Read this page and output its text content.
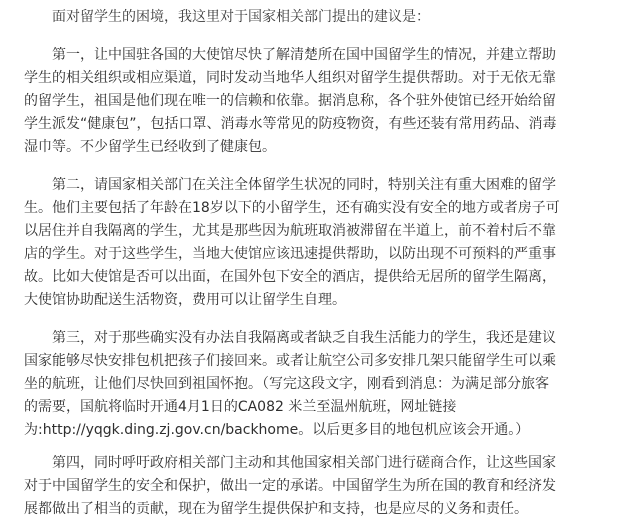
面对留学生的困境，我这里对于国家相关部门提出的建议是：
第一，让中国驻各国的大使馆尽快了解清楚所在国中国留学生的情况，并建立帮助
学生的相关组织或相应渠道，同时发动当地华人组织对留学生提供帮助。对于无依无靠
的留学生，祖国是他们现在唯一的信赖和依靠。据消息称，各个驻外使馆已经开始给留
学生派发“健康包”，包括口罩、消毒水等常见的防疫物资，有些还装有常用药品、消毒
湿巾等。不少留学生已经收到了健康包。
第二，请国家相关部门在关注全体留学生状况的同时，特别关注有重大困难的留学
生。他们主要包括了年龄在18岁以下的小留学生，还有确实没有安全的地方或者房子可
以居住并自我隔离的学生，尤其是那些因为航班取消被滞留在半道上，前不着村后不靠
店的学生。对于这些学生，当地大使馆应该迅速提供帮助，以防出现不可预料的严重事
故。比如大使馆是否可以出面，在国外包下安全的酒店，提供给无居所的留学生隔离，
大使馆协助配送生活物资，费用可以让留学生自理。
第三，对于那些确实没有办法自我隔离或者缺乏自我生活能力的学生，我还是建议
国家能够尽快安排包机把孩子们接回来。或者让航空公司多安排几架只能留学生可以乘
坐的航班，让他们尽快回到祖国怀抱。（写完这段文字，刚看到消息：为满足部分旅客
的需要，国航将临时开通4月1日的CA082 米兰至温州航班，网址链接
为:http://yqgk.ding.zj.gov.cn/backhome。以后更多目的地包机应该会开通。）
第四，同时呼吁政府相关部门主动和其他国家相关部门进行磋商合作，让这些国家
对于中国留学生的安全和保护，做出一定的承诺。中国留学生为所在国的教育和经济发
展都做出了相当的贡献，现在为留学生提供保护和支持，也是应尽的义务和责任。
